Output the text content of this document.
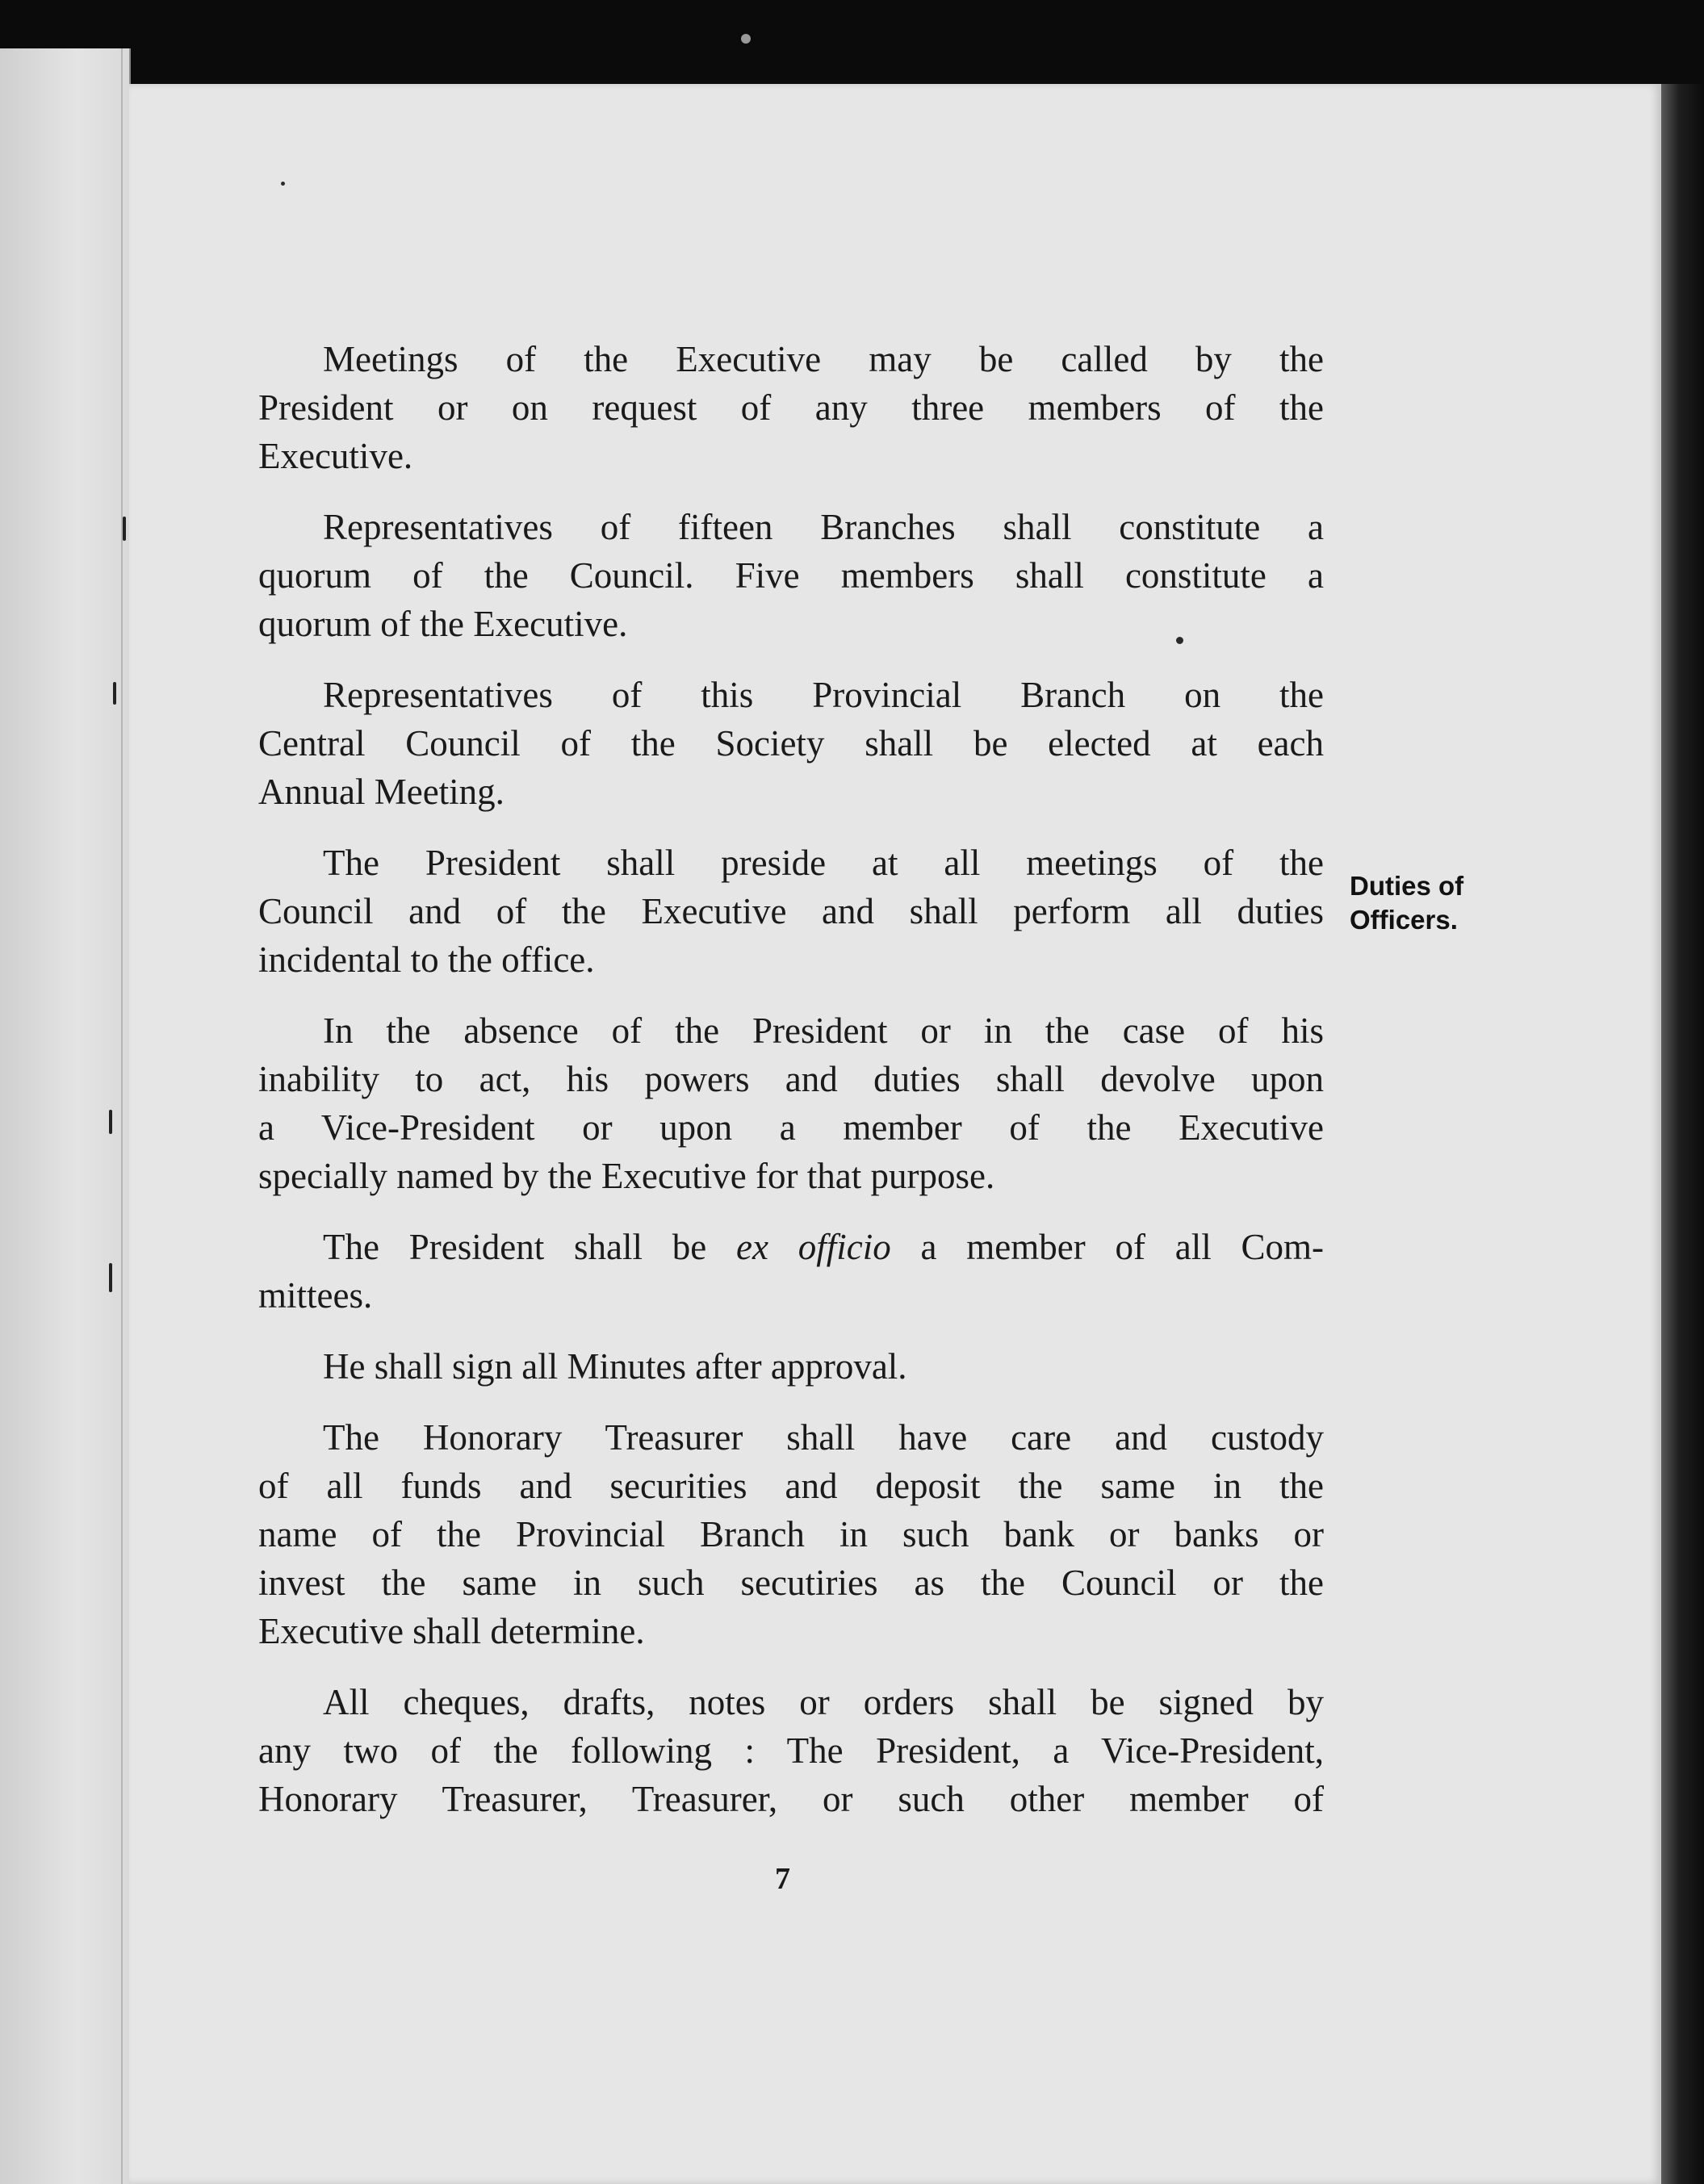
Meetings of the Executive may be called by the
President or on request of any three members of the
Executive.

Representatives of fifteen Branches shall constitute a
quorum of the Council. Five members shall constitute a
quorum of the Executive.

Representatives of this Provincial Branch on the
Central Council of the Society shall be elected at each
Annual Meeting.

The President shall preside at all meetings of the
Council and of the Executive and shall perform all duties
incidental to the office.

In the absence of the President or in the case of his
inability to act, his powers and duties shall devolve upon
a Vice-President or upon a member of the Executive
specially named by the Executive for that purpose.

The President shall be ex officio a member of all Com-
mittees.

He shall sign all Minutes after approval.

The Honorary Treasurer shall have care and custody
of all funds and securities and deposit the same in the
name of the Provincial Branch in such bank or banks or
invest the same in such secutiries as the Council or the
Executive shall determine.

All cheques, drafts, notes or orders shall be signed by
any two of the following : The President, a Vice-President,
Honorary Treasurer, Treasurer, or such other member of

Duties of
Officers.
7
